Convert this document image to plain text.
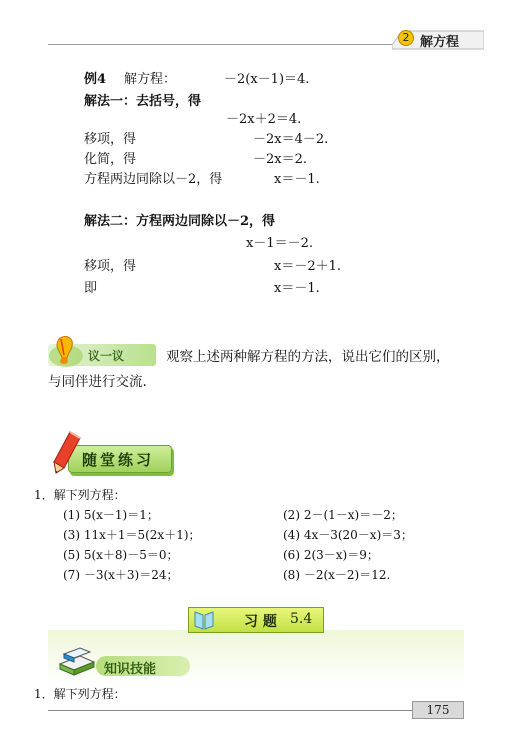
2 解方程
例4 解方程：	－2(x－1)＝4.
解法一：去括号，得
－2x＋2＝4.
移项，得	－2x＝4－2.
化简，得	－2x＝2.
方程两边同除以－2，得	x＝－1.
解法二：方程两边同除以－2，得
x－1＝－2.
移项，得	x＝－2＋1.
即	x＝－1.
议一议	观察上述两种解方程的方法，说出它们的区别，
与同伴进行交流.
随堂练习
1．解下列方程：
(1) 5(x－1)＝1；	(2) 2－(1－x)＝－2；
(3) 11x＋1＝5(2x＋1)；	(4) 4x－3(20－x)＝3；
(5) 5(x＋8)－5＝0；	(6) 2(3－x)＝9；
(7) －3(x＋3)＝24；	(8) －2(x－2)＝12.
习 题 5.4
知识技能
1．解下列方程：
175
